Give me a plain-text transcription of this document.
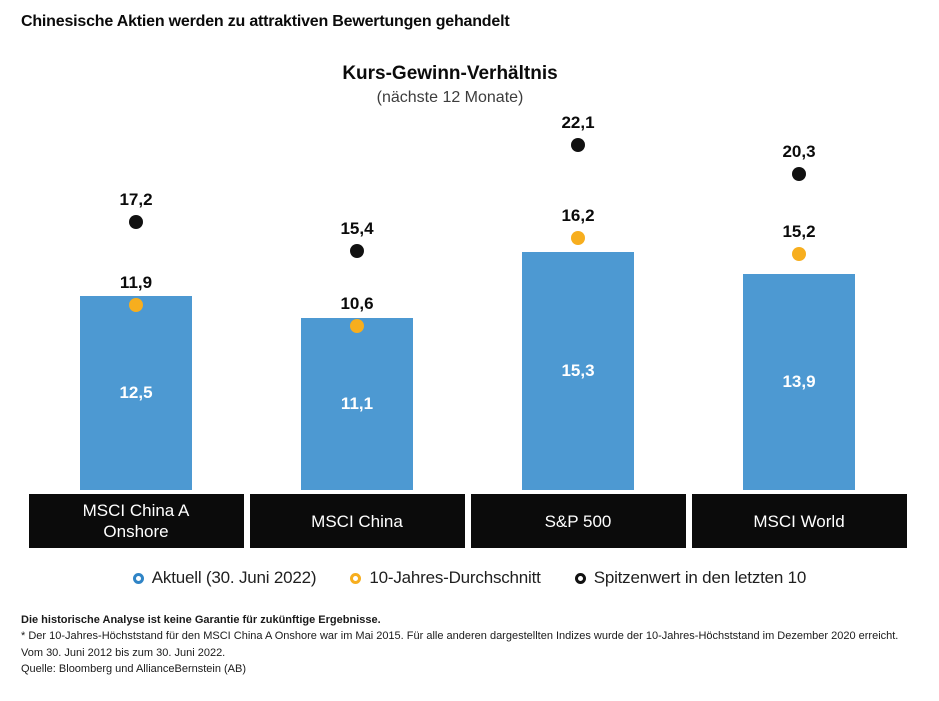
Chinesische Aktien werden zu attraktiven Bewertungen gehandelt
Kurs-Gewinn-Verhältnis
(nächste 12 Monate)
12,5
11,9
17,2
MSCI China A
Onshore
11,1
10,6
15,4
MSCI China
15,3
16,2
22,1
S&P 500
13,9
15,2
20,3
MSCI World
Aktuell (30. Juni 2022)	10-Jahres-Durchschnitt	Spitzenwert in den letzten 10
Die historische Analyse ist keine Garantie für zukünftige Ergebnisse.
* Der 10-Jahres-Höchststand für den MSCI China A Onshore war im Mai 2015. Für alle anderen dargestellten Indizes wurde der 10-Jahres-Höchststand im Dezember 2020 erreicht.
Vom 30. Juni 2012 bis zum 30. Juni 2022.
Quelle: Bloomberg und AllianceBernstein (AB)
